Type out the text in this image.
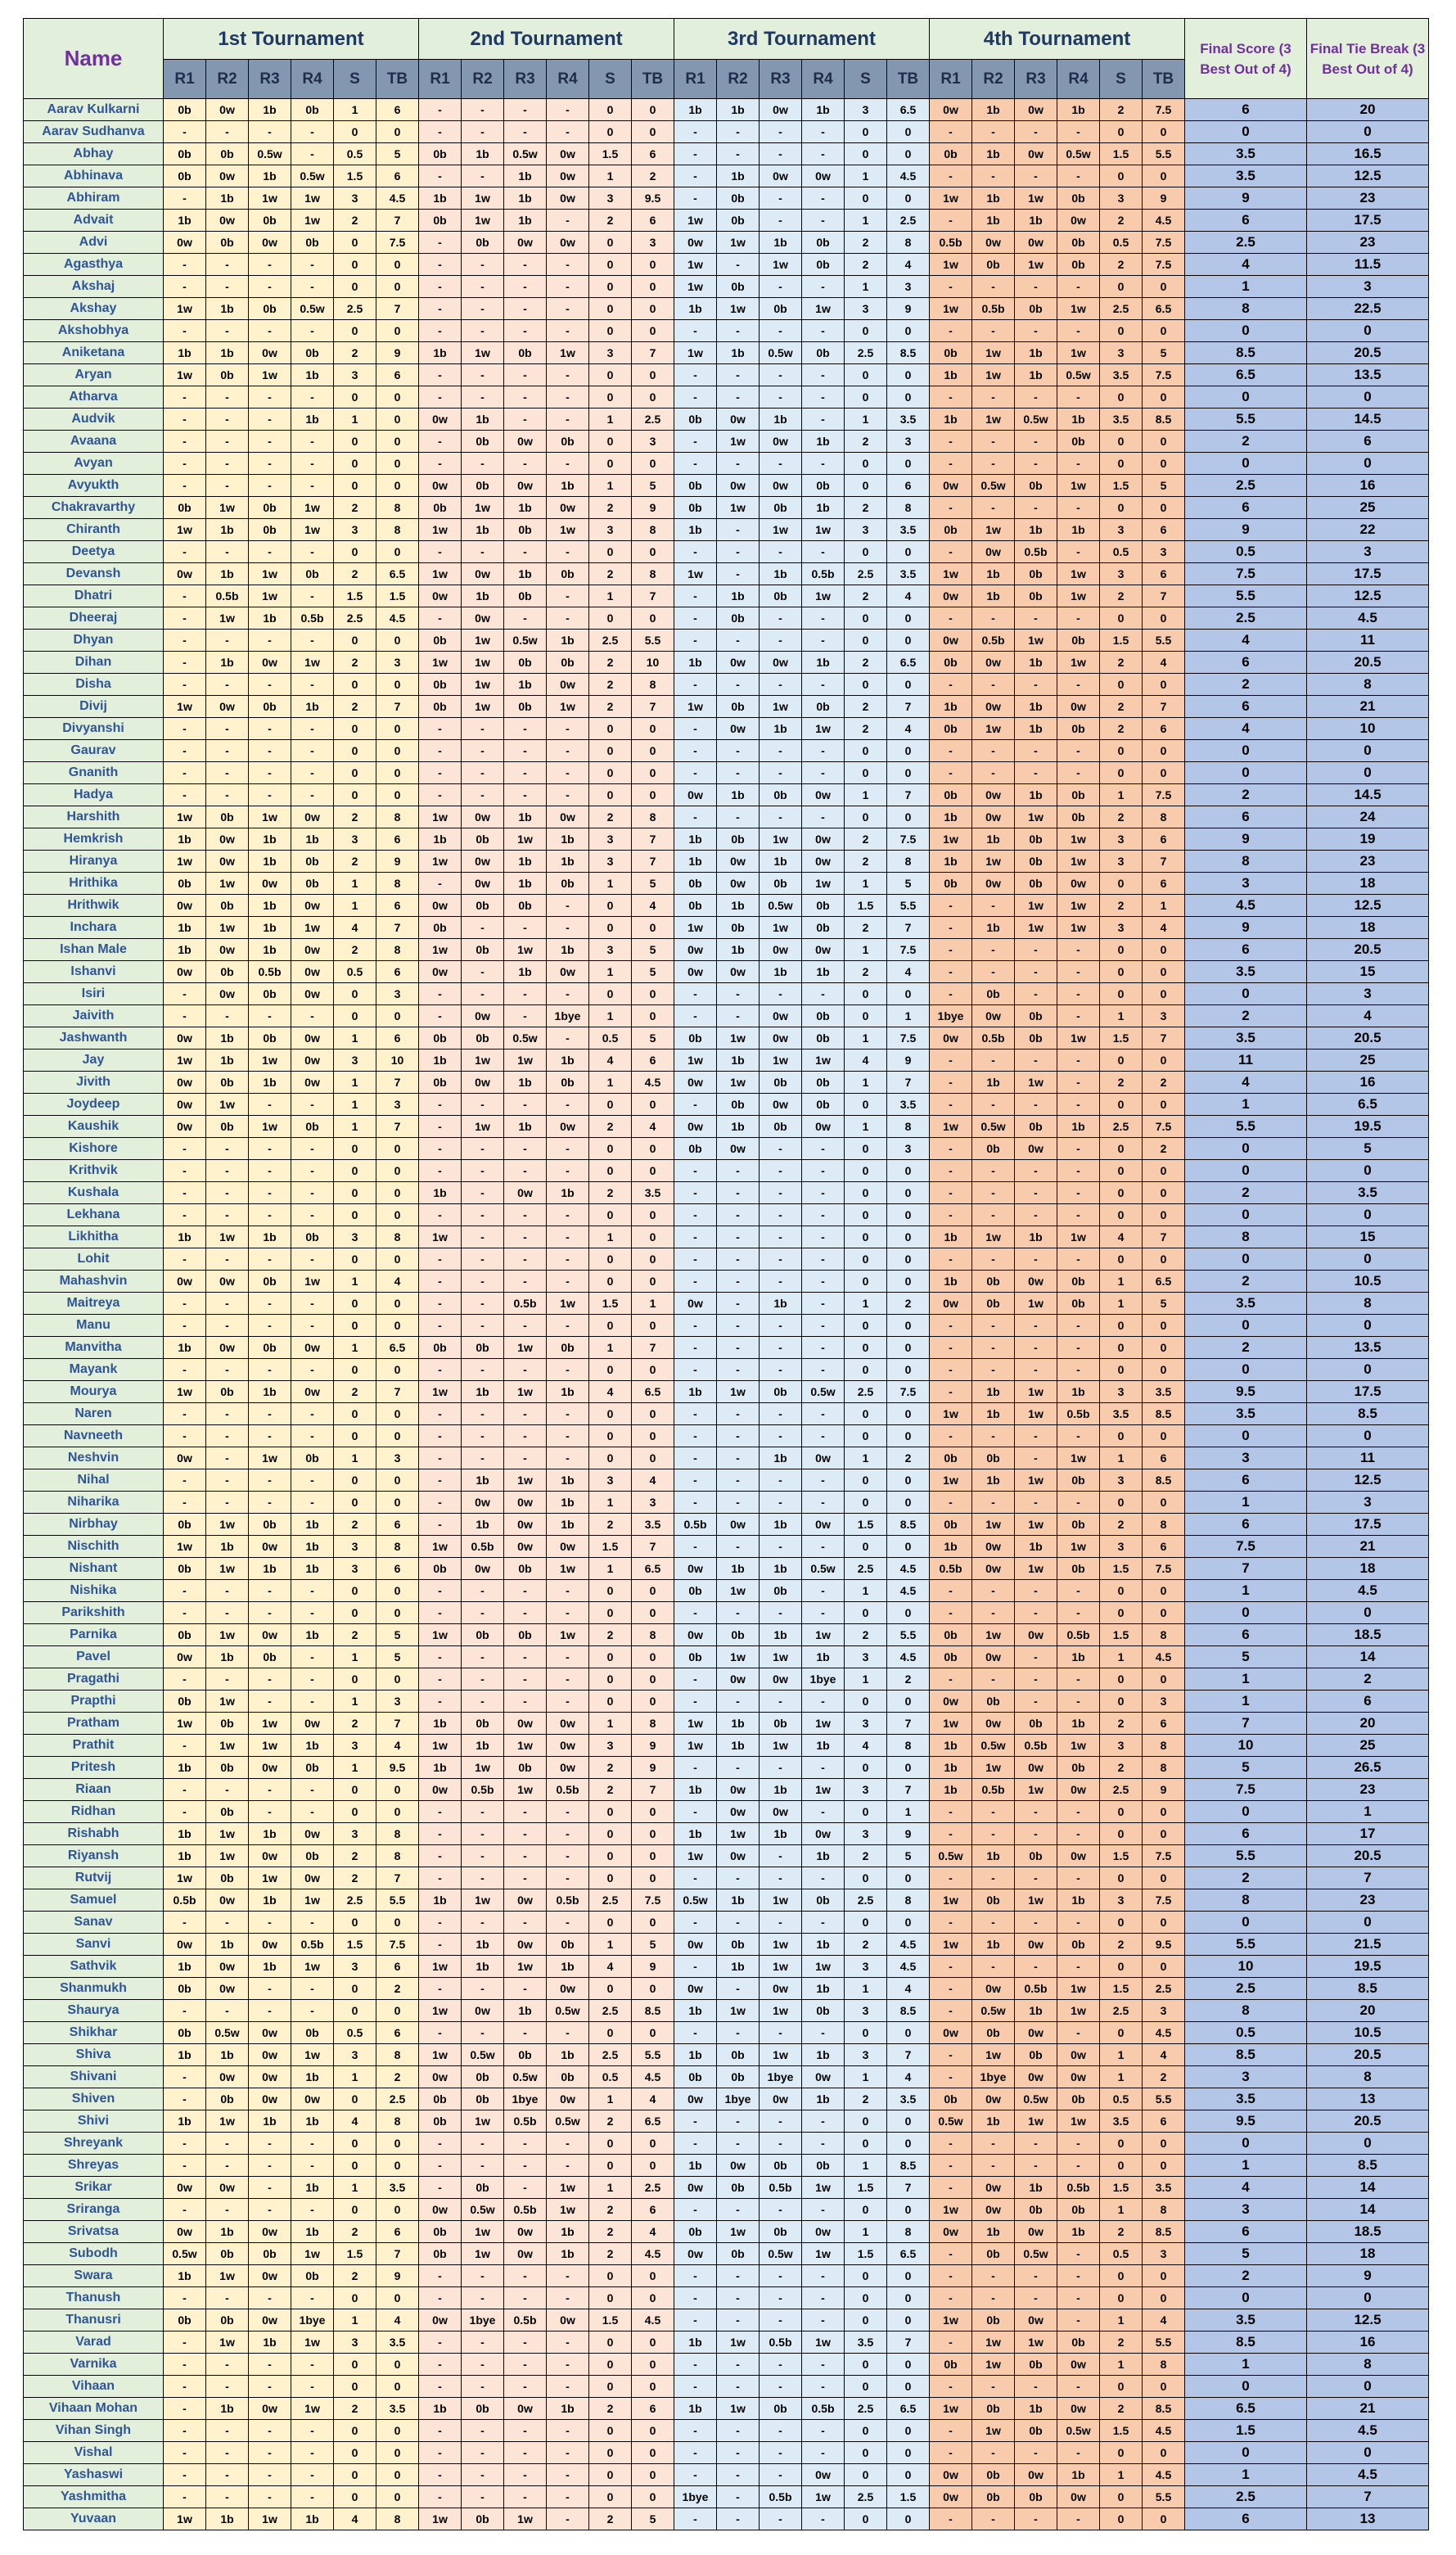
Name	1st Tournament						2nd Tournament						3rd Tournament						4th Tournament						Final Score (3 Best Out of 4)	Final Tie Break (3 Best Out of 4)
	R1	R2	R3	R4	S	TB	R1	R2	R3	R4	S	TB	R1	R2	R3	R4	S	TB	R1	R2	R3	R4	S	TB		
Aarav Kulkarni	0b	0w	1b	0b	1	6	-	-	-	-	0	0	1b	1b	0w	1b	3	6.5	0w	1b	0w	1b	2	7.5	6	20
Aarav Sudhanva	-	-	-	-	0	0	-	-	-	-	0	0	-	-	-	-	0	0	-	-	-	-	0	0	0	0
Abhay	0b	0b	0.5w	-	0.5	5	0b	1b	0.5w	0w	1.5	6	-	-	-	-	0	0	0b	1b	0w	0.5w	1.5	5.5	3.5	16.5
Abhinava	0b	0w	1b	0.5w	1.5	6	-	-	1b	0w	1	2	-	1b	0w	0w	1	4.5	-	-	-	-	0	0	3.5	12.5
Abhiram	-	1b	1w	1w	3	4.5	1b	1w	1b	0w	3	9.5	-	0b	-	-	0	0	1w	1b	1w	0b	3	9	9	23
Advait	1b	0w	0b	1w	2	7	0b	1w	1b	-	2	6	1w	0b	-	-	1	2.5	-	1b	1b	0w	2	4.5	6	17.5
Advi	0w	0b	0w	0b	0	7.5	-	0b	0w	0w	0	3	0w	1w	1b	0b	2	8	0.5b	0w	0w	0b	0.5	7.5	2.5	23
Agasthya	-	-	-	-	0	0	-	-	-	-	0	0	1w	-	1w	0b	2	4	1w	0b	1w	0b	2	7.5	4	11.5
Akshaj	-	-	-	-	0	0	-	-	-	-	0	0	1w	0b	-	-	1	3	-	-	-	-	0	0	1	3
Akshay	1w	1b	0b	0.5w	2.5	7	-	-	-	-	0	0	1b	1w	0b	1w	3	9	1w	0.5b	0b	1w	2.5	6.5	8	22.5
Akshobhya	-	-	-	-	0	0	-	-	-	-	0	0	-	-	-	-	0	0	-	-	-	-	0	0	0	0
Aniketana	1b	1b	0w	0b	2	9	1b	1w	0b	1w	3	7	1w	1b	0.5w	0b	2.5	8.5	0b	1w	1b	1w	3	5	8.5	20.5
Aryan	1w	0b	1w	1b	3	6	-	-	-	-	0	0	-	-	-	-	0	0	1b	1w	1b	0.5w	3.5	7.5	6.5	13.5
Atharva	-	-	-	-	0	0	-	-	-	-	0	0	-	-	-	-	0	0	-	-	-	-	0	0	0	0
Audvik	-	-	-	1b	1	0	0w	1b	-	-	1	2.5	0b	0w	1b	-	1	3.5	1b	1w	0.5w	1b	3.5	8.5	5.5	14.5
Avaana	-	-	-	-	0	0	-	0b	0w	0b	0	3	-	1w	0w	1b	2	3	-	-	-	0b	0	0	2	6
Avyan	-	-	-	-	0	0	-	-	-	-	0	0	-	-	-	-	0	0	-	-	-	-	0	0	0	0
Avyukth	-	-	-	-	0	0	0w	0b	0w	1b	1	5	0b	0w	0w	0b	0	6	0w	0.5w	0b	1w	1.5	5	2.5	16
Chakravarthy	0b	1w	0b	1w	2	8	0b	1w	1b	0w	2	9	0b	1w	0b	1b	2	8	-	-	-	-	0	0	6	25
Chiranth	1w	1b	0b	1w	3	8	1w	1b	0b	1w	3	8	1b	-	1w	1w	3	3.5	0b	1w	1b	1b	3	6	9	22
Deetya	-	-	-	-	0	0	-	-	-	-	0	0	-	-	-	-	0	0	-	0w	0.5b	-	0.5	3	0.5	3
Devansh	0w	1b	1w	0b	2	6.5	1w	0w	1b	0b	2	8	1w	-	1b	0.5b	2.5	3.5	1w	1b	0b	1w	3	6	7.5	17.5
Dhatri	-	0.5b	1w	-	1.5	1.5	0w	1b	0b	-	1	7	-	1b	0b	1w	2	4	0w	1b	0b	1w	2	7	5.5	12.5
Dheeraj	-	1w	1b	0.5b	2.5	4.5	-	0w	-	-	0	0	-	0b	-	-	0	0	-	-	-	-	0	0	2.5	4.5
Dhyan	-	-	-	-	0	0	0b	1w	0.5w	1b	2.5	5.5	-	-	-	-	0	0	0w	0.5b	1w	0b	1.5	5.5	4	11
Dihan	-	1b	0w	1w	2	3	1w	1w	0b	0b	2	10	1b	0w	0w	1b	2	6.5	0b	0w	1b	1w	2	4	6	20.5
Disha	-	-	-	-	0	0	0b	1w	1b	0w	2	8	-	-	-	-	0	0	-	-	-	-	0	0	2	8
Divij	1w	0w	0b	1b	2	7	0b	1w	0b	1w	2	7	1w	0b	1w	0b	2	7	1b	0w	1b	0w	2	7	6	21
Divyanshi	-	-	-	-	0	0	-	-	-	-	0	0	-	0w	1b	1w	2	4	0b	1w	1b	0b	2	6	4	10
Gaurav	-	-	-	-	0	0	-	-	-	-	0	0	-	-	-	-	0	0	-	-	-	-	0	0	0	0
Gnanith	-	-	-	-	0	0	-	-	-	-	0	0	-	-	-	-	0	0	-	-	-	-	0	0	0	0
Hadya	-	-	-	-	0	0	-	-	-	-	0	0	0w	1b	0b	0w	1	7	0b	0w	1b	0b	1	7.5	2	14.5
Harshith	1w	0b	1w	0w	2	8	1w	0w	1b	0w	2	8	-	-	-	-	0	0	1b	0w	1w	0b	2	8	6	24
Hemkrish	1b	0w	1b	1b	3	6	1b	0b	1w	1b	3	7	1b	0b	1w	0w	2	7.5	1w	1b	0b	1w	3	6	9	19
Hiranya	1w	0w	1b	0b	2	9	1w	0w	1b	1b	3	7	1b	0w	1b	0w	2	8	1b	1w	0b	1w	3	7	8	23
Hrithika	0b	1w	0w	0b	1	8	-	0w	1b	0b	1	5	0b	0w	0b	1w	1	5	0b	0w	0b	0w	0	6	3	18
Hrithwik	0w	0b	1b	0w	1	6	0w	0b	0b	-	0	4	0b	1b	0.5w	0b	1.5	5.5	-	-	1w	1w	2	1	4.5	12.5
Inchara	1b	1w	1b	1w	4	7	0b	-	-	-	0	0	1w	0b	1w	0b	2	7	-	1b	1w	1w	3	4	9	18
Ishan Male	1b	0w	1b	0w	2	8	1w	0b	1w	1b	3	5	0w	1b	0w	0w	1	7.5	-	-	-	-	0	0	6	20.5
Ishanvi	0w	0b	0.5b	0w	0.5	6	0w	-	1b	0w	1	5	0w	0w	1b	1b	2	4	-	-	-	-	0	0	3.5	15
Isiri	-	0w	0b	0w	0	3	-	-	-	-	0	0	-	-	-	-	0	0	-	0b	-	-	0	0	0	3
Jaivith	-	-	-	-	0	0	-	0w	-	1bye	1	0	-	-	0w	0b	0	1	1bye	0w	0b	-	1	3	2	4
Jashwanth	0w	1b	0b	0w	1	6	0b	0b	0.5w	-	0.5	5	0b	1w	0w	0b	1	7.5	0w	0.5b	0b	1w	1.5	7	3.5	20.5
Jay	1w	1b	1w	0w	3	10	1b	1w	1w	1b	4	6	1w	1b	1w	1w	4	9	-	-	-	-	0	0	11	25
Jivith	0w	0b	1b	0w	1	7	0b	0w	1b	0b	1	4.5	0w	1w	0b	0b	1	7	-	1b	1w	-	2	2	4	16
Joydeep	0w	1w	-	-	1	3	-	-	-	-	0	0	-	0b	0w	0b	0	3.5	-	-	-	-	0	0	1	6.5
Kaushik	0w	0b	1w	0b	1	7	-	1w	1b	0w	2	4	0w	1b	0b	0w	1	8	1w	0.5w	0b	1b	2.5	7.5	5.5	19.5
Kishore	-	-	-	-	0	0	-	-	-	-	0	0	0b	0w	-	-	0	3	-	0b	0w	-	0	2	0	5
Krithvik	-	-	-	-	0	0	-	-	-	-	0	0	-	-	-	-	0	0	-	-	-	-	0	0	0	0
Kushala	-	-	-	-	0	0	1b	-	0w	1b	2	3.5	-	-	-	-	0	0	-	-	-	-	0	0	2	3.5
Lekhana	-	-	-	-	0	0	-	-	-	-	0	0	-	-	-	-	0	0	-	-	-	-	0	0	0	0
Likhitha	1b	1w	1b	0b	3	8	1w	-	-	-	1	0	-	-	-	-	0	0	1b	1w	1b	1w	4	7	8	15
Lohit	-	-	-	-	0	0	-	-	-	-	0	0	-	-	-	-	0	0	-	-	-	-	0	0	0	0
Mahashvin	0w	0w	0b	1w	1	4	-	-	-	-	0	0	-	-	-	-	0	0	1b	0b	0w	0b	1	6.5	2	10.5
Maitreya	-	-	-	-	0	0	-	-	0.5b	1w	1.5	1	0w	-	1b	-	1	2	0w	0b	1w	0b	1	5	3.5	8
Manu	-	-	-	-	0	0	-	-	-	-	0	0	-	-	-	-	0	0	-	-	-	-	0	0	0	0
Manvitha	1b	0w	0b	0w	1	6.5	0b	0b	1w	0b	1	7	-	-	-	-	0	0	-	-	-	-	0	0	2	13.5
Mayank	-	-	-	-	0	0	-	-	-	-	0	0	-	-	-	-	0	0	-	-	-	-	0	0	0	0
Mourya	1w	0b	1b	0w	2	7	1w	1b	1w	1b	4	6.5	1b	1w	0b	0.5w	2.5	7.5	-	1b	1w	1b	3	3.5	9.5	17.5
Naren	-	-	-	-	0	0	-	-	-	-	0	0	-	-	-	-	0	0	1w	1b	1w	0.5b	3.5	8.5	3.5	8.5
Navneeth	-	-	-	-	0	0	-	-	-	-	0	0	-	-	-	-	0	0	-	-	-	-	0	0	0	0
Neshvin	0w	-	1w	0b	1	3	-	-	-	-	0	0	-	-	1b	0w	1	2	0b	0b	-	1w	1	6	3	11
Nihal	-	-	-	-	0	0	-	1b	1w	1b	3	4	-	-	-	-	0	0	1w	1b	1w	0b	3	8.5	6	12.5
Niharika	-	-	-	-	0	0	-	0w	0w	1b	1	3	-	-	-	-	0	0	-	-	-	-	0	0	1	3
Nirbhay	0b	1w	0b	1b	2	6	-	1b	0w	1b	2	3.5	0.5b	0w	1b	0w	1.5	8.5	0b	1w	1w	0b	2	8	6	17.5
Nischith	1w	1b	0w	1b	3	8	1w	0.5b	0w	0w	1.5	7	-	-	-	-	0	0	1b	0w	1b	1w	3	6	7.5	21
Nishant	0b	1w	1b	1b	3	6	0b	0w	0b	1w	1	6.5	0w	1b	1b	0.5w	2.5	4.5	0.5b	0w	1w	0b	1.5	7.5	7	18
Nishika	-	-	-	-	0	0	-	-	-	-	0	0	0b	1w	0b	-	1	4.5	-	-	-	-	0	0	1	4.5
Parikshith	-	-	-	-	0	0	-	-	-	-	0	0	-	-	-	-	0	0	-	-	-	-	0	0	0	0
Parnika	0b	1w	0w	1b	2	5	1w	0b	0b	1w	2	8	0w	0b	1b	1w	2	5.5	0b	1w	0w	0.5b	1.5	8	6	18.5
Pavel	0w	1b	0b	-	1	5	-	-	-	-	0	0	0b	1w	1w	1b	3	4.5	0b	0w	-	1b	1	4.5	5	14
Pragathi	-	-	-	-	0	0	-	-	-	-	0	0	-	0w	0w	1bye	1	2	-	-	-	-	0	0	1	2
Prapthi	0b	1w	-	-	1	3	-	-	-	-	0	0	-	-	-	-	0	0	0w	0b	-	-	0	3	1	6
Pratham	1w	0b	1w	0w	2	7	1b	0b	0w	0w	1	8	1w	1b	0b	1w	3	7	1w	0w	0b	1b	2	6	7	20
Prathit	-	1w	1w	1b	3	4	1w	1b	1w	0w	3	9	1w	1b	1w	1b	4	8	1b	0.5w	0.5b	1w	3	8	10	25
Pritesh	1b	0b	0w	0b	1	9.5	1b	1w	0b	0w	2	9	-	-	-	-	0	0	1b	1w	0w	0b	2	8	5	26.5
Riaan	-	-	-	-	0	0	0w	0.5b	1w	0.5b	2	7	1b	0w	1b	1w	3	7	1b	0.5b	1w	0w	2.5	9	7.5	23
Ridhan	-	0b	-	-	0	0	-	-	-	-	0	0	-	0w	0w	-	0	1	-	-	-	-	0	0	0	1
Rishabh	1b	1w	1b	0w	3	8	-	-	-	-	0	0	1b	1w	1b	0w	3	9	-	-	-	-	0	0	6	17
Riyansh	1b	1w	0w	0b	2	8	-	-	-	-	0	0	1w	0w	-	1b	2	5	0.5w	1b	0b	0w	1.5	7.5	5.5	20.5
Rutvij	1w	0b	1w	0w	2	7	-	-	-	-	0	0	-	-	-	-	0	0	-	-	-	-	0	0	2	7
Samuel	0.5b	0w	1b	1w	2.5	5.5	1b	1w	0w	0.5b	2.5	7.5	0.5w	1b	1w	0b	2.5	8	1w	0b	1w	1b	3	7.5	8	23
Sanav	-	-	-	-	0	0	-	-	-	-	0	0	-	-	-	-	0	0	-	-	-	-	0	0	0	0
Sanvi	0w	1b	0w	0.5b	1.5	7.5	-	1b	0w	0b	1	5	0w	0b	1w	1b	2	4.5	1w	1b	0w	0b	2	9.5	5.5	21.5
Sathvik	1b	0w	1b	1w	3	6	1w	1b	1w	1b	4	9	-	1b	1w	1w	3	4.5	-	-	-	-	0	0	10	19.5
Shanmukh	0b	0w	-	-	0	2	-	-	-	0w	0	0	0w	-	0w	1b	1	4	-	0w	0.5b	1w	1.5	2.5	2.5	8.5
Shaurya	-	-	-	-	0	0	1w	0w	1b	0.5w	2.5	8.5	1b	1w	1w	0b	3	8.5	-	0.5w	1b	1w	2.5	3	8	20
Shikhar	0b	0.5w	0w	0b	0.5	6	-	-	-	-	0	0	-	-	-	-	0	0	0w	0b	0w	-	0	4.5	0.5	10.5
Shiva	1b	1b	0w	1w	3	8	1w	0.5w	0b	1b	2.5	5.5	1b	0b	1w	1b	3	7	-	1w	0b	0w	1	4	8.5	20.5
Shivani	-	0w	0w	1b	1	2	0w	0b	0.5w	0b	0.5	4.5	0b	0b	1bye	0w	1	4	-	1bye	0w	0w	1	2	3	8
Shiven	-	0b	0w	0w	0	2.5	0b	0b	1bye	0w	1	4	0w	1bye	0w	1b	2	3.5	0b	0w	0.5w	0b	0.5	5.5	3.5	13
Shivi	1b	1w	1b	1b	4	8	0b	1w	0.5b	0.5w	2	6.5	-	-	-	-	0	0	0.5w	1b	1w	1w	3.5	6	9.5	20.5
Shreyank	-	-	-	-	0	0	-	-	-	-	0	0	-	-	-	-	0	0	-	-	-	-	0	0	0	0
Shreyas	-	-	-	-	0	0	-	-	-	-	0	0	1b	0w	0b	0b	1	8.5	-	-	-	-	0	0	1	8.5
Srikar	0w	0w	-	1b	1	3.5	-	0b	-	1w	1	2.5	0w	0b	0.5b	1w	1.5	7	-	0w	1b	0.5b	1.5	3.5	4	14
Sriranga	-	-	-	-	0	0	0w	0.5w	0.5b	1w	2	6	-	-	-	-	0	0	1w	0w	0b	0b	1	8	3	14
Srivatsa	0w	1b	0w	1b	2	6	0b	1w	0w	1b	2	4	0b	1w	0b	0w	1	8	0w	1b	0w	1b	2	8.5	6	18.5
Subodh	0.5w	0b	0b	1w	1.5	7	0b	1w	0w	1b	2	4.5	0w	0b	0.5w	1w	1.5	6.5	-	0b	0.5w	-	0.5	3	5	18
Swara	1b	1w	0w	0b	2	9	-	-	-	-	0	0	-	-	-	-	0	0	-	-	-	-	0	0	2	9
Thanush	-	-	-	-	0	0	-	-	-	-	0	0	-	-	-	-	0	0	-	-	-	-	0	0	0	0
Thanusri	0b	0b	0w	1bye	1	4	0w	1bye	0.5b	0w	1.5	4.5	-	-	-	-	0	0	1w	0b	0w	-	1	4	3.5	12.5
Varad	-	1w	1b	1w	3	3.5	-	-	-	-	0	0	1b	1w	0.5b	1w	3.5	7	-	1w	1w	0b	2	5.5	8.5	16
Varnika	-	-	-	-	0	0	-	-	-	-	0	0	-	-	-	-	0	0	0b	1w	0b	0w	1	8	1	8
Vihaan	-	-	-	-	0	0	-	-	-	-	0	0	-	-	-	-	0	0	-	-	-	-	0	0	0	0
Vihaan Mohan	-	1b	0w	1w	2	3.5	1b	0b	0w	1b	2	6	1b	1w	0b	0.5b	2.5	6.5	1w	0b	1b	0w	2	8.5	6.5	21
Vihan Singh	-	-	-	-	0	0	-	-	-	-	0	0	-	-	-	-	0	0	-	1w	0b	0.5w	1.5	4.5	1.5	4.5
Vishal	-	-	-	-	0	0	-	-	-	-	0	0	-	-	-	-	0	0	-	-	-	-	0	0	0	0
Yashaswi	-	-	-	-	0	0	-	-	-	-	0	0	-	-	-	0w	0	0	0w	0b	0w	1b	1	4.5	1	4.5
Yashmitha	-	-	-	-	0	0	-	-	-	-	0	0	1bye	-	0.5b	1w	2.5	1.5	0w	0b	0b	0w	0	5.5	2.5	7
Yuvaan	1w	1b	1w	1b	4	8	1w	0b	1w	-	2	5	-	-	-	-	0	0	-	-	-	-	0	0	6	13
